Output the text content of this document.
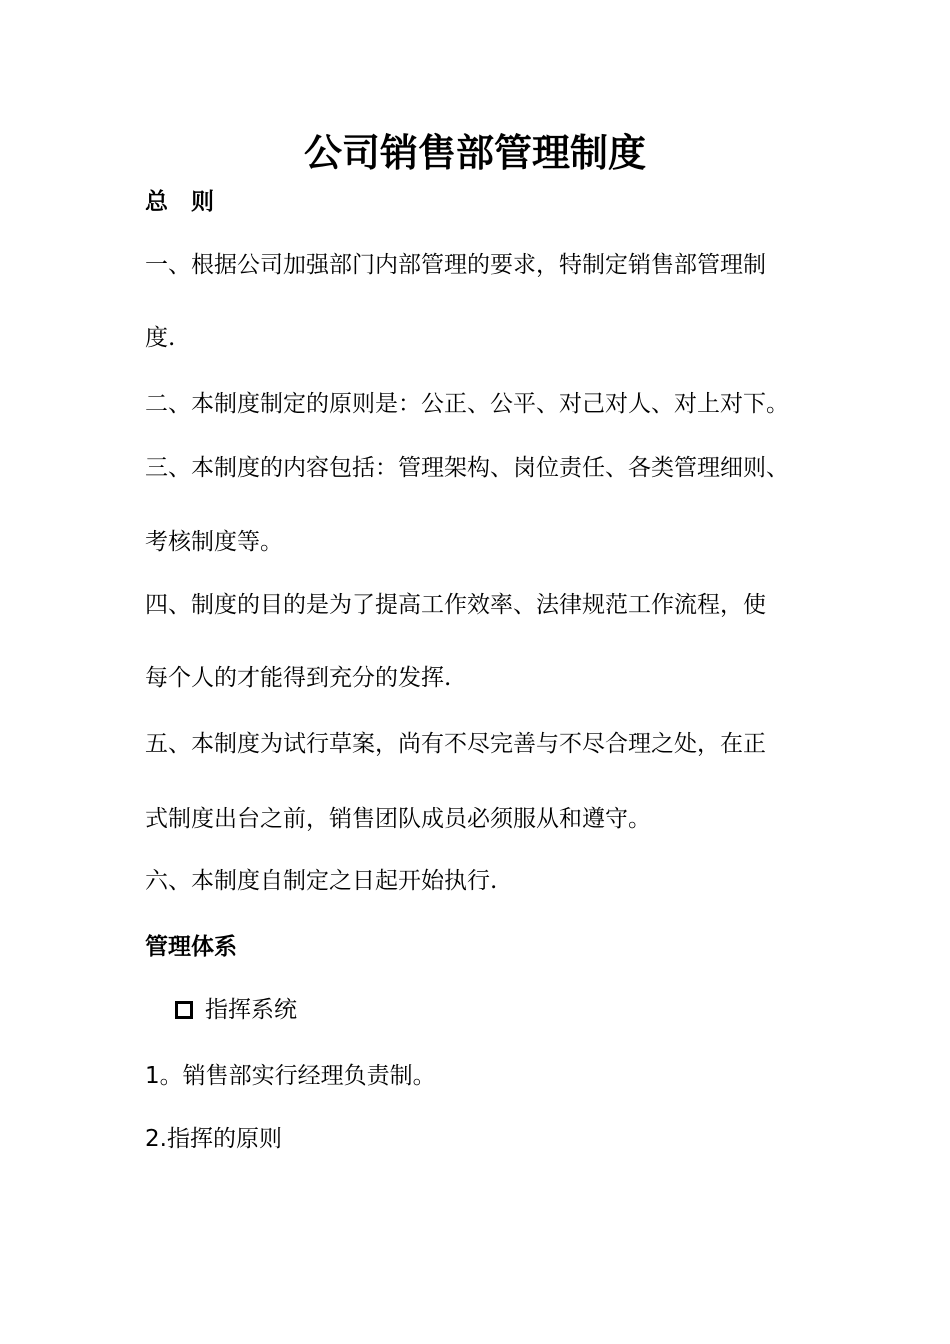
公司销售部管理制度
总　则
一、根据公司加强部门内部管理的要求，特制定销售部管理制
度.
二、本制度制定的原则是：公正、公平、对己对人、对上对下。
三、本制度的内容包括：管理架构、岗位责任、各类管理细则、
考核制度等。
四、制度的目的是为了提高工作效率、法律规范工作流程，使
每个人的才能得到充分的发挥.
五、本制度为试行草案，尚有不尽完善与不尽合理之处，在正
式制度出台之前，销售团队成员必须服从和遵守。
六、本制度自制定之日起开始执行.
管理体系
指挥系统
1。销售部实行经理负责制。
2.指挥的原则
